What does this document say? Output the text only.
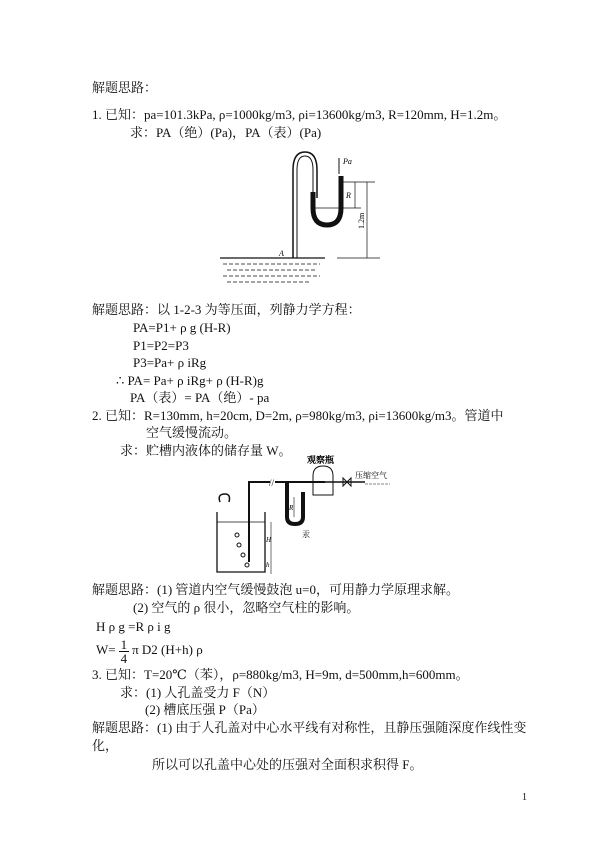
解题思路：
1. 已知：pa=101.3kPa, ρ=1000kg/m3, ρi=13600kg/m3, R=120mm, H=1.2m。
求：PA（绝）(Pa)，PA（表）(Pa)
Pa
R
1.2m
A
解题思路：以 1-2-3 为等压面，列静力学方程：
PA=P1+ ρ g (H-R)
P1=P2=P3
P3=Pa+ ρ iRg
∴ PA= Pa+ ρ iRg+ ρ (H-R)g
PA（表）= PA（绝）- pa
2. 已知：R=130mm, h=20cm, D=2m, ρ=980kg/m3, ρi=13600kg/m3。管道中
空气缓慢流动。
求：贮槽内液体的储存量 W。
//
R
汞
观察瓶
压缩空气
H
h
解题思路：(1) 管道内空气缓慢鼓泡 u=0，可用静力学原理求解。
(2) 空气的 ρ 很小，忽略空气柱的影响。
H ρ g =R ρ i g
$W= \frac{1}{4}$ π D2 (H+h) ρ
3. 已知：T=20℃（苯），ρ=880kg/m3, H=9m, d=500mm,h=600mm。
求：(1) 人孔盖受力 F（N）
(2) 槽底压强 P（Pa）
解题思路：(1) 由于人孔盖对中心水平线有对称性，且静压强随深度作线性变
化，
所以可以孔盖中心处的压强对全面积求积得 F。
1
